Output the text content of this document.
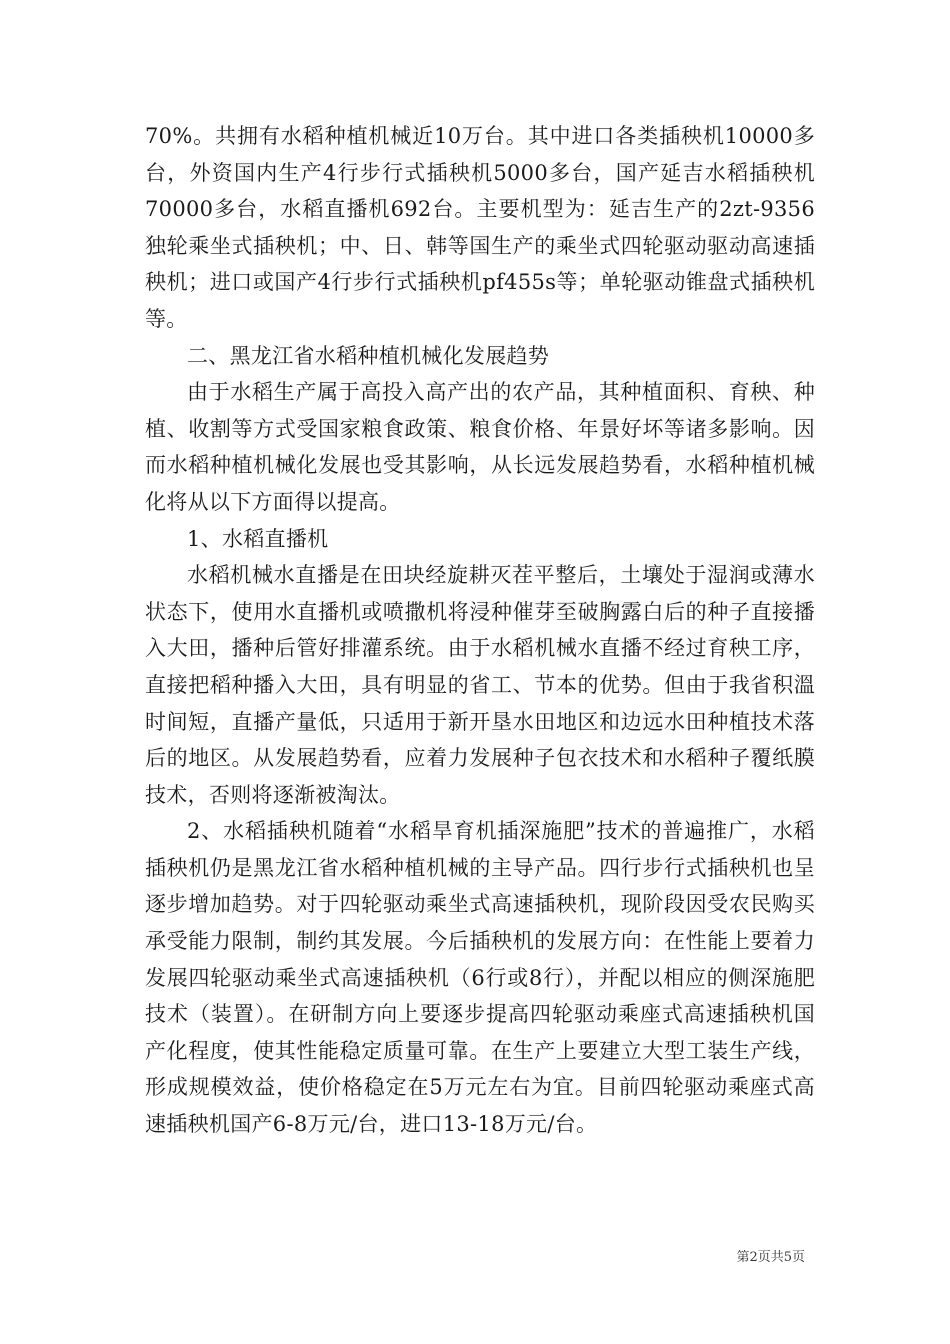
70%。共拥有水稻种植机械近10万台。其中进口各类插秧机10000多台，外资国内生产4行步行式插秧机5000多台，国产延吉水稻插秧机70000多台，水稻直播机692台。主要机型为：延吉生产的2zt-9356独轮乘坐式插秧机；中、日、韩等国生产的乘坐式四轮驱动驱动高速插秧机；进口或国产4行步行式插秧机pf455s等；单轮驱动锥盘式插秧机等。

二、黑龙江省水稻种植机械化发展趋势

由于水稻生产属于高投入高产出的农产品，其种植面积、育秧、种植、收割等方式受国家粮食政策、粮食价格、年景好坏等诸多影响。因而水稻种植机械化发展也受其影响，从长远发展趋势看，水稻种植机械化将从以下方面得以提高。

1、水稻直播机

水稻机械水直播是在田块经旋耕灭茬平整后，土壤处于湿润或薄水状态下，使用水直播机或喷撒机将浸种催芽至破胸露白后的种子直接播入大田，播种后管好排灌系统。由于水稻机械水直播不经过育秧工序，直接把稻种播入大田，具有明显的省工、节本的优势。但由于我省积溫时间短，直播产量低，只适用于新开垦水田地区和边远水田种植技术落后的地区。从发展趋势看，应着力发展种子包衣技术和水稻种子覆纸膜技术，否则将逐渐被淘汰。

2、水稻插秧机随着“水稻旱育机插深施肥”技术的普遍推广，水稻插秧机仍是黑龙江省水稻种植机械的主导产品。四行步行式插秧机也呈逐步增加趋势。对于四轮驱动乘坐式高速插秧机，现阶段因受农民购买承受能力限制，制约其发展。今后插秧机的发展方向：在性能上要着力发展四轮驱动乘坐式高速插秧机（6行或8行），并配以相应的侧深施肥技术（装置）。在研制方向上要逐步提高四轮驱动乘座式高速插秧机国产化程度，使其性能稳定质量可靠。在生产上要建立大型工装生产线，形成规模效益，使价格稳定在5万元左右为宜。目前四轮驱动乘座式高速插秧机国产6-8万元/台，进口13-18万元/台。

第2页共5页
